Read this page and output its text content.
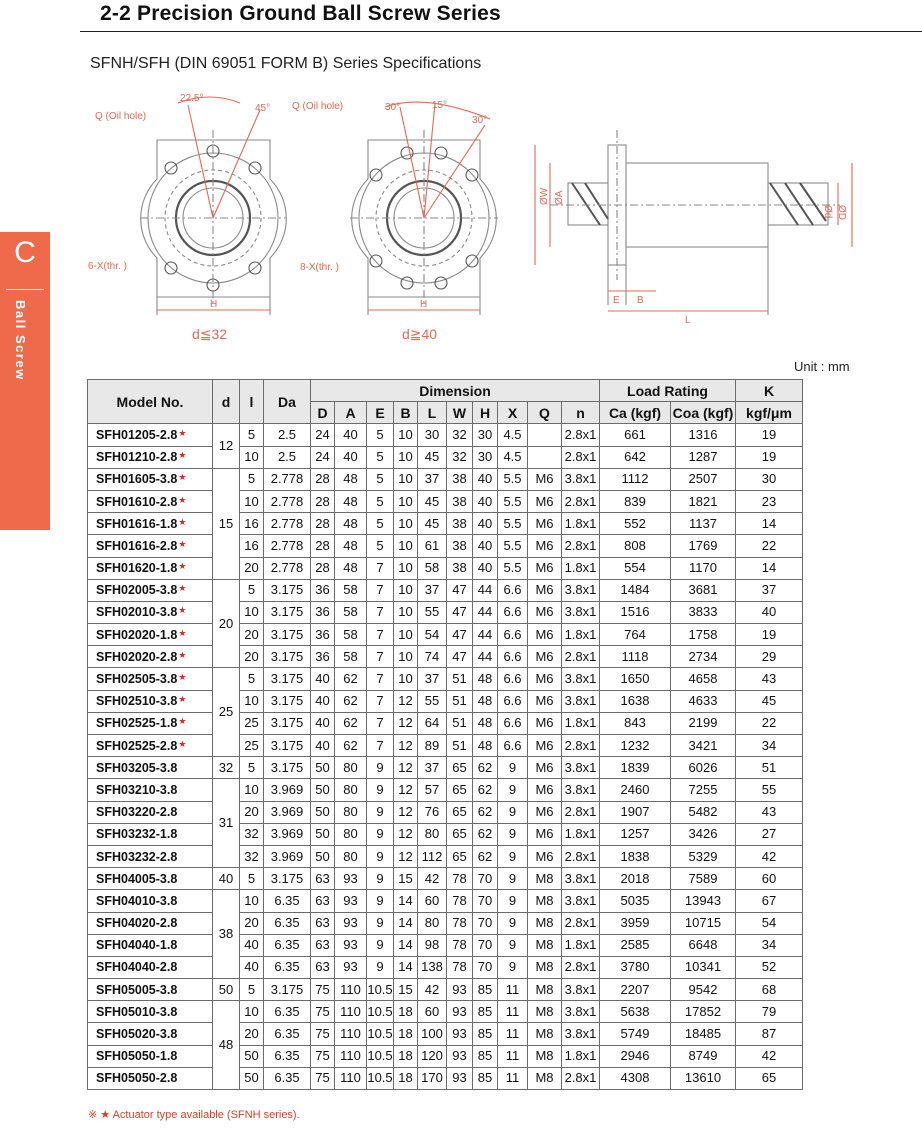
2-2 Precision Ground Ball Screw Series
SFNH/SFH (DIN 69051 FORM B) Series Specifications
C
Ball Screw
Q (Oil hole)
22.5°
45°
6-X(thr. )
H
d≦32
Q (Oil hole)	30°	15°
30°
8-X(thr. )
H
d≧40
ØW ØA
Ød ØD
E B
L
Unit : mm
Model No.	d	l	Da	Dimension										Load Rating		K
				D	A	E	B	L	W	H	X	Q	n	Ca (kgf)	Coa (kgf)	kgf/μm
SFH01205-2.8★	12	5	2.5	24	40	5	10	30	32	30	4.5		2.8x1	661	1316	19
SFH01210-2.8★		10	2.5	24	40	5	10	45	32	30	4.5		2.8x1	642	1287	19
SFH01605-3.8★	15	5	2.778	28	48	5	10	37	38	40	5.5	M6	3.8x1	1112	2507	30
SFH01610-2.8★		10	2.778	28	48	5	10	45	38	40	5.5	M6	2.8x1	839	1821	23
SFH01616-1.8★		16	2.778	28	48	5	10	45	38	40	5.5	M6	1.8x1	552	1137	14
SFH01616-2.8★		16	2.778	28	48	5	10	61	38	40	5.5	M6	2.8x1	808	1769	22
SFH01620-1.8★		20	2.778	28	48	7	10	58	38	40	5.5	M6	1.8x1	554	1170	14
SFH02005-3.8★	20	5	3.175	36	58	7	10	37	47	44	6.6	M6	3.8x1	1484	3681	37
SFH02010-3.8★		10	3.175	36	58	7	10	55	47	44	6.6	M6	3.8x1	1516	3833	40
SFH02020-1.8★		20	3.175	36	58	7	10	54	47	44	6.6	M6	1.8x1	764	1758	19
SFH02020-2.8★		20	3.175	36	58	7	10	74	47	44	6.6	M6	2.8x1	1118	2734	29
SFH02505-3.8★	25	5	3.175	40	62	7	10	37	51	48	6.6	M6	3.8x1	1650	4658	43
SFH02510-3.8★		10	3.175	40	62	7	12	55	51	48	6.6	M6	3.8x1	1638	4633	45
SFH02525-1.8★		25	3.175	40	62	7	12	64	51	48	6.6	M6	1.8x1	843	2199	22
SFH02525-2.8★		25	3.175	40	62	7	12	89	51	48	6.6	M6	2.8x1	1232	3421	34
SFH03205-3.8	32	5	3.175	50	80	9	12	37	65	62	9	M6	3.8x1	1839	6026	51
SFH03210-3.8	31	10	3.969	50	80	9	12	57	65	62	9	M6	3.8x1	2460	7255	55
SFH03220-2.8		20	3.969	50	80	9	12	76	65	62	9	M6	2.8x1	1907	5482	43
SFH03232-1.8		32	3.969	50	80	9	12	80	65	62	9	M6	1.8x1	1257	3426	27
SFH03232-2.8		32	3.969	50	80	9	12	112	65	62	9	M6	2.8x1	1838	5329	42
SFH04005-3.8	40	5	3.175	63	93	9	15	42	78	70	9	M8	3.8x1	2018	7589	60
SFH04010-3.8	38	10	6.35	63	93	9	14	60	78	70	9	M8	3.8x1	5035	13943	67
SFH04020-2.8		20	6.35	63	93	9	14	80	78	70	9	M8	2.8x1	3959	10715	54
SFH04040-1.8		40	6.35	63	93	9	14	98	78	70	9	M8	1.8x1	2585	6648	34
SFH04040-2.8		40	6.35	63	93	9	14	138	78	70	9	M8	2.8x1	3780	10341	52
SFH05005-3.8	50	5	3.175	75	110	10.5	15	42	93	85	11	M8	3.8x1	2207	9542	68
SFH05010-3.8	48	10	6.35	75	110	10.5	18	60	93	85	11	M8	3.8x1	5638	17852	79
SFH05020-3.8		20	6.35	75	110	10.5	18	100	93	85	11	M8	3.8x1	5749	18485	87
SFH05050-1.8		50	6.35	75	110	10.5	18	120	93	85	11	M8	1.8x1	2946	8749	42
SFH05050-2.8		50	6.35	75	110	10.5	18	170	93	85	11	M8	2.8x1	4308	13610	65
※ ★ Actuator type available (SFNH series).
